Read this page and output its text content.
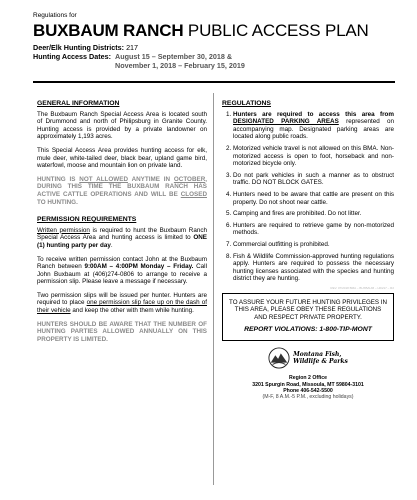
Regulations for
BUXBAUM RANCH PUBLIC ACCESS PLAN
Deer/Elk Hunting Districts: 217
Hunting Access Dates: August 15 – September 30, 2018 &
November 1, 2018 – February 15, 2019
GENERAL INFORMATION

The Buxbaum Ranch Special Access Area is located south of Drummond and north of Philipsburg in Granite County. Hunting access is provided by a private landowner on approximately 1,193 acres.

This Special Access Area provides hunting access for elk, mule deer, white-tailed deer, black bear, upland game bird, waterfowl, moose and mountain lion on private land.

HUNTING IS NOT ALLOWED ANYTIME IN OCTOBER, DURING THIS TIME THE BUXBAUM RANCH HAS ACTIVE CATTLE OPERATIONS AND WILL BE CLOSED TO HUNTING.

PERMISSION REQUIREMENTS

Written permission is required to hunt the Buxbaum Ranch Special Access Area and hunting access is limited to ONE (1) hunting party per day.

To receive written permission contact John at the Buxbaum Ranch between 9:00AM – 4:00PM Monday – Friday. Call John Buxbaum at (406)274-0806 to arrange to receive a permission slip. Please leave a message if necessary.

Two permission slips will be issued per hunter. Hunters are required to place one permission slip face up on the dash of their vehicle and keep the other with them while hunting.

HUNTERS SHOULD BE AWARE THAT THE NUMBER OF HUNTING PARTIES ALLOWED ANNUALLY ON THIS PROPERTY IS LIMITED.

REGULATIONS
1. Hunters are required to access this area from DESIGNATED PARKING AREAS represented on accompanying map. Designated parking areas are located along public roads.
2. Motorized vehicle travel is not allowed on this BMA. Non-motorized access is open to foot, horseback and non-motorized bicycle only.
3. Do not park vehicles in such a manner as to obstruct traffic. DO NOT BLOCK GATES.
4. Hunters need to be aware that cattle are present on this property. Do not shoot near cattle.
5. Camping and fires are prohibited. Do not litter.
6. Hunters are required to retrieve game by non-motorized methods.
7. Commercial outfitting is prohibited.
8. Fish & Wildlife Commission-approved hunting regulations apply. Hunters are required to possess the necessary hunting licenses associated with the species and hunting district they are hunting.
REV. 07/2018 BMA – BUXBAUM – HD217 – R2
TO ASSURE YOUR FUTURE HUNTING PRIVILEGES IN THIS AREA, PLEASE OBEY THESE REGULATIONS AND RESPECT PRIVATE PROPERTY.
REPORT VIOLATIONS: 1-800-TIP-MONT
Montana Fish,
Wildlife & Parks
Region 2 Office
3201 Spurgin Road, Missoula, MT 59804-3101
Phone 406-542-5500
(M-F, 8 A.M.-5 P.M., excluding holidays)
